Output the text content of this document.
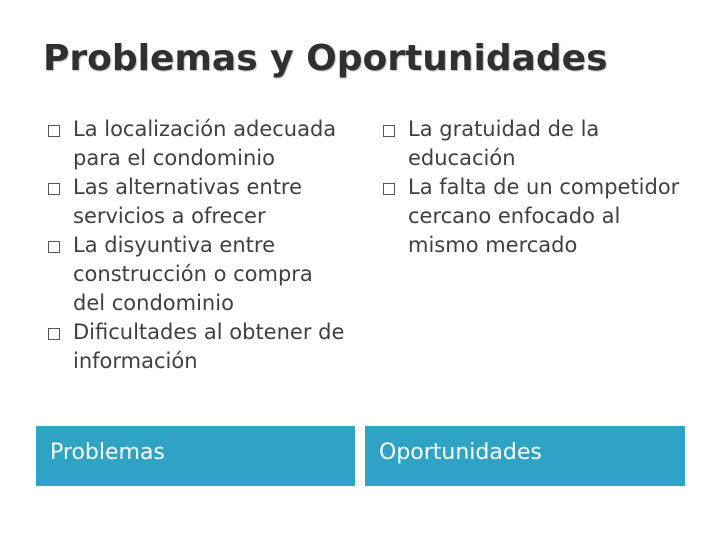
Problemas y Oportunidades
La localización adecuada para el condominio
Las alternativas entre servicios a ofrecer
La disyuntiva entre construcción o compra del condominio
Dificultades al obtener de información
La gratuidad de la educación
La falta de un competidor cercano enfocado al mismo mercado
Problemas	Oportunidades
